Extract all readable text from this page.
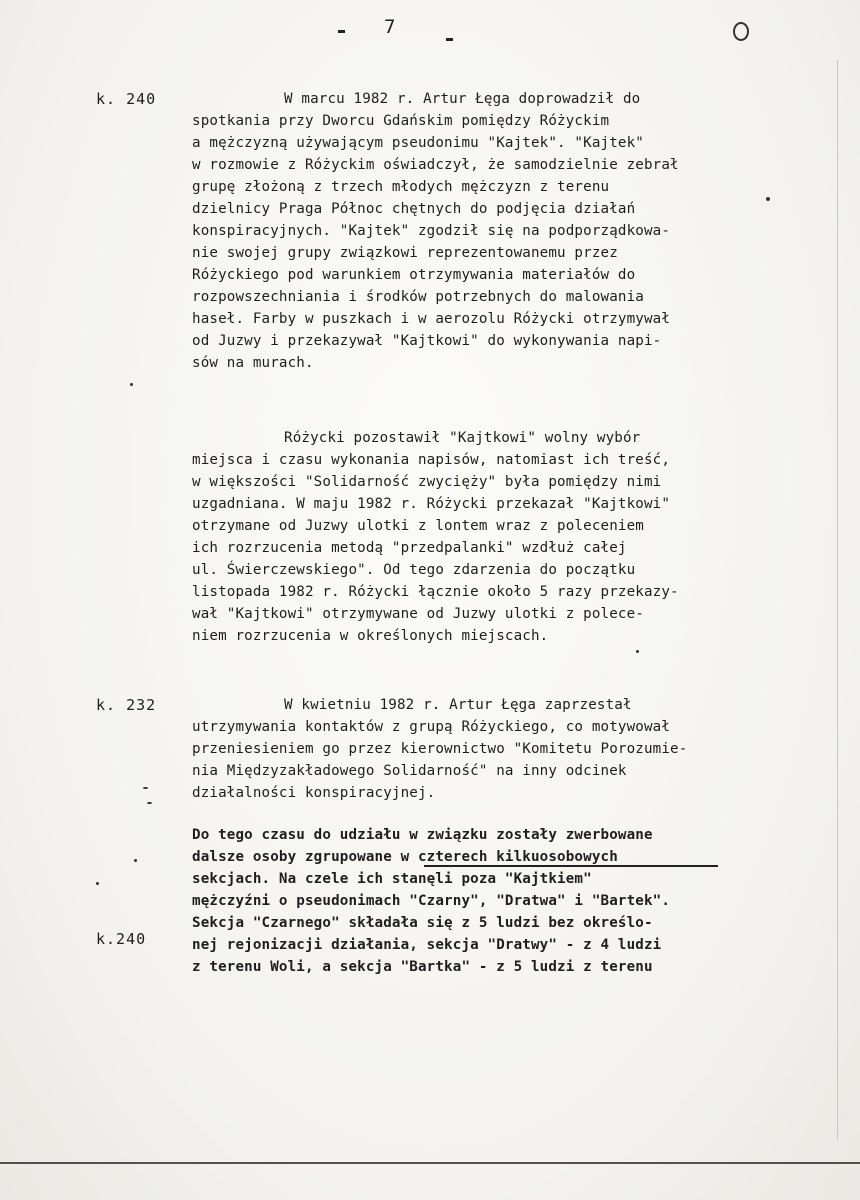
7
k. 240	W marcu 1982 r. Artur Łęga doprowadził do
spotkania przy Dworcu Gdańskim pomiędzy Różyckim
a mężczyzną używającym pseudonimu "Kajtek". "Kajtek"
w rozmowie z Różyckim oświadczył, że samodzielnie zebrał
grupę złożoną z trzech młodych mężczyzn z terenu
dzielnicy Praga Północ chętnych do podjęcia działań
konspiracyjnych. "Kajtek" zgodził się na podporządkowa-
nie swojej grupy związkowi reprezentowanemu przez
Różyckiego pod warunkiem otrzymywania materiałów do
rozpowszechniania i środków potrzebnych do malowania
haseł. Farby w puszkach i w aerozolu Różycki otrzymywał
od Juzwy i przekazywał "Kajtkowi" do wykonywania napi-
sów na murach.
Różycki pozostawił "Kajtkowi" wolny wybór
miejsca i czasu wykonania napisów, natomiast ich treść,
w większości "Solidarność zwycięży" była pomiędzy nimi
uzgadniana. W maju 1982 r. Różycki przekazał "Kajtkowi"
otrzymane od Juzwy ulotki z lontem wraz z poleceniem
ich rozrzucenia metodą "przedpalanki" wzdłuż całej
ul. Świerczewskiego". Od tego zdarzenia do początku
listopada 1982 r. Różycki łącznie około 5 razy przekazy-
wał "Kajtkowi" otrzymywane od Juzwy ulotki z polece-
niem rozrzucenia w określonych miejscach.
k. 232	W kwietniu 1982 r. Artur Łęga zaprzestał
utrzymywania kontaktów z grupą Różyckiego, co motywował
przeniesieniem go przez kierownictwo "Komitetu Porozumie-
nia Międzyzakładowego Solidarność" na inny odcinek
działalności konspiracyjnej.
Do tego czasu do udziału w związku zostały zwerbowane
dalsze osoby zgrupowane w czterech kilkuosobowych
sekcjach. Na czele ich stanęli poza "Kajtkiem"
mężczyźni o pseudonimach "Czarny", "Dratwa" i "Bartek".
Sekcja "Czarnego" składała się z 5 ludzi bez określo-
nej rejonizacji działania, sekcja "Dratwy" - z 4 ludzi
z terenu Woli, a sekcja "Bartka" - z 5 ludzi z terenu
k.240
